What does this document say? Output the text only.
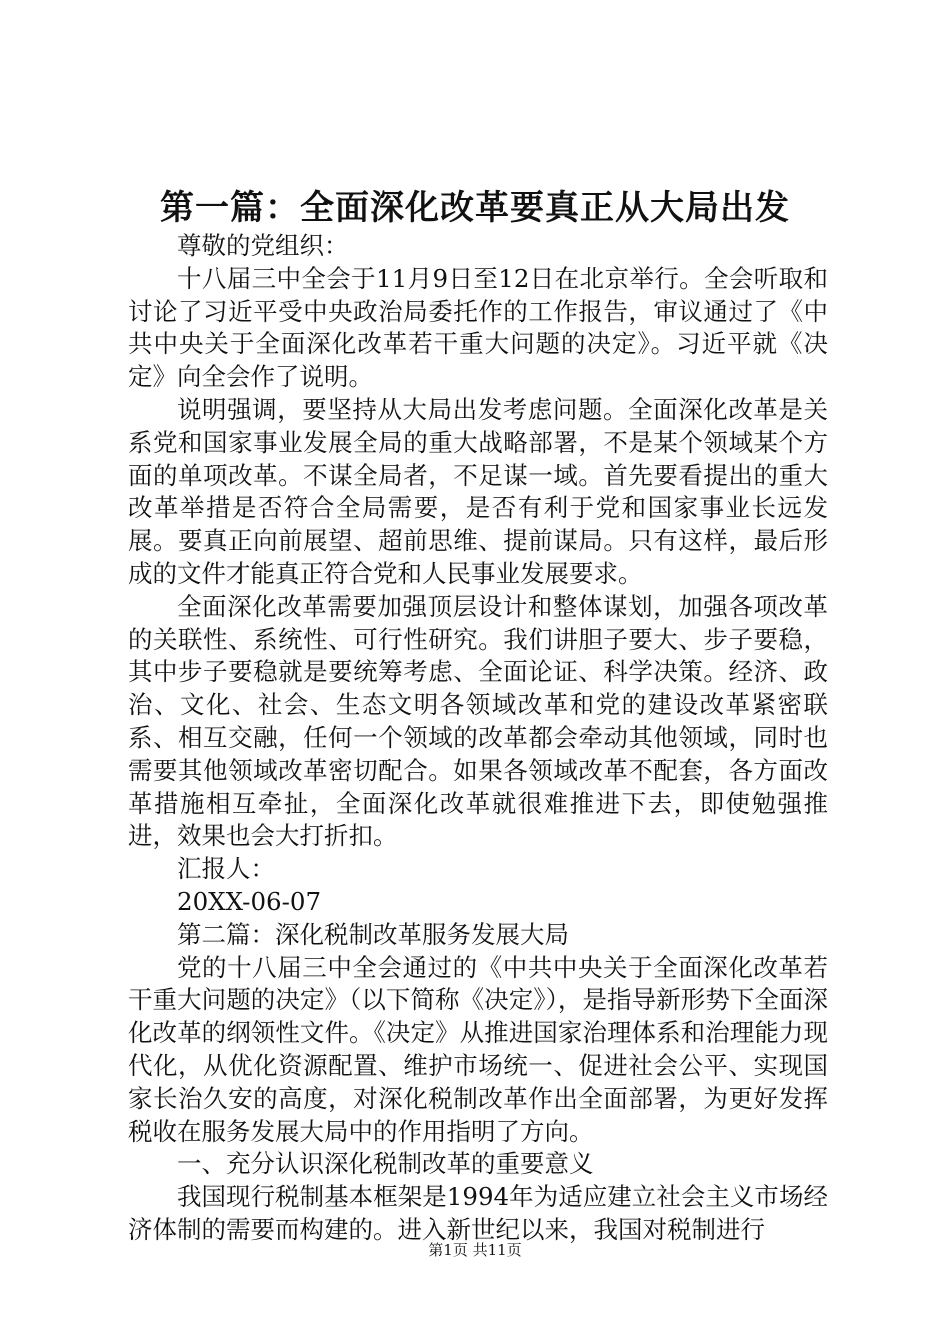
第一篇：全面深化改革要真正从大局出发

尊敬的党组织：

十八届三中全会于11月9日至12日在北京举行。全会听取和讨论了习近平受中央政治局委托作的工作报告，审议通过了《中共中央关于全面深化改革若干重大问题的决定》。习近平就《决定》向全会作了说明。

说明强调，要坚持从大局出发考虑问题。全面深化改革是关系党和国家事业发展全局的重大战略部署，不是某个领域某个方面的单项改革。不谋全局者，不足谋一域。首先要看提出的重大改革举措是否符合全局需要，是否有利于党和国家事业长远发展。要真正向前展望、超前思维、提前谋局。只有这样，最后形成的文件才能真正符合党和人民事业发展要求。

全面深化改革需要加强顶层设计和整体谋划，加强各项改革的关联性、系统性、可行性研究。我们讲胆子要大、步子要稳，其中步子要稳就是要统筹考虑、全面论证、科学决策。经济、政治、文化、社会、生态文明各领域改革和党的建设改革紧密联系、相互交融，任何一个领域的改革都会牵动其他领域，同时也需要其他领域改革密切配合。如果各领域改革不配套，各方面改革措施相互牵扯，全面深化改革就很难推进下去，即使勉强推进，效果也会大打折扣。

汇报人：

20XX-06-07

第二篇：深化税制改革服务发展大局

党的十八届三中全会通过的《中共中央关于全面深化改革若干重大问题的决定》（以下简称《决定》），是指导新形势下全面深化改革的纲领性文件。《决定》从推进国家治理体系和治理能力现代化，从优化资源配置、维护市场统一、促进社会公平、实现国家长治久安的高度，对深化税制改革作出全面部署，为更好发挥税收在服务发展大局中的作用指明了方向。

一、充分认识深化税制改革的重要意义

我国现行税制基本框架是1994年为适应建立社会主义市场经济体制的需要而构建的。进入新世纪以来，我国对税制进行

第1页 共11页
